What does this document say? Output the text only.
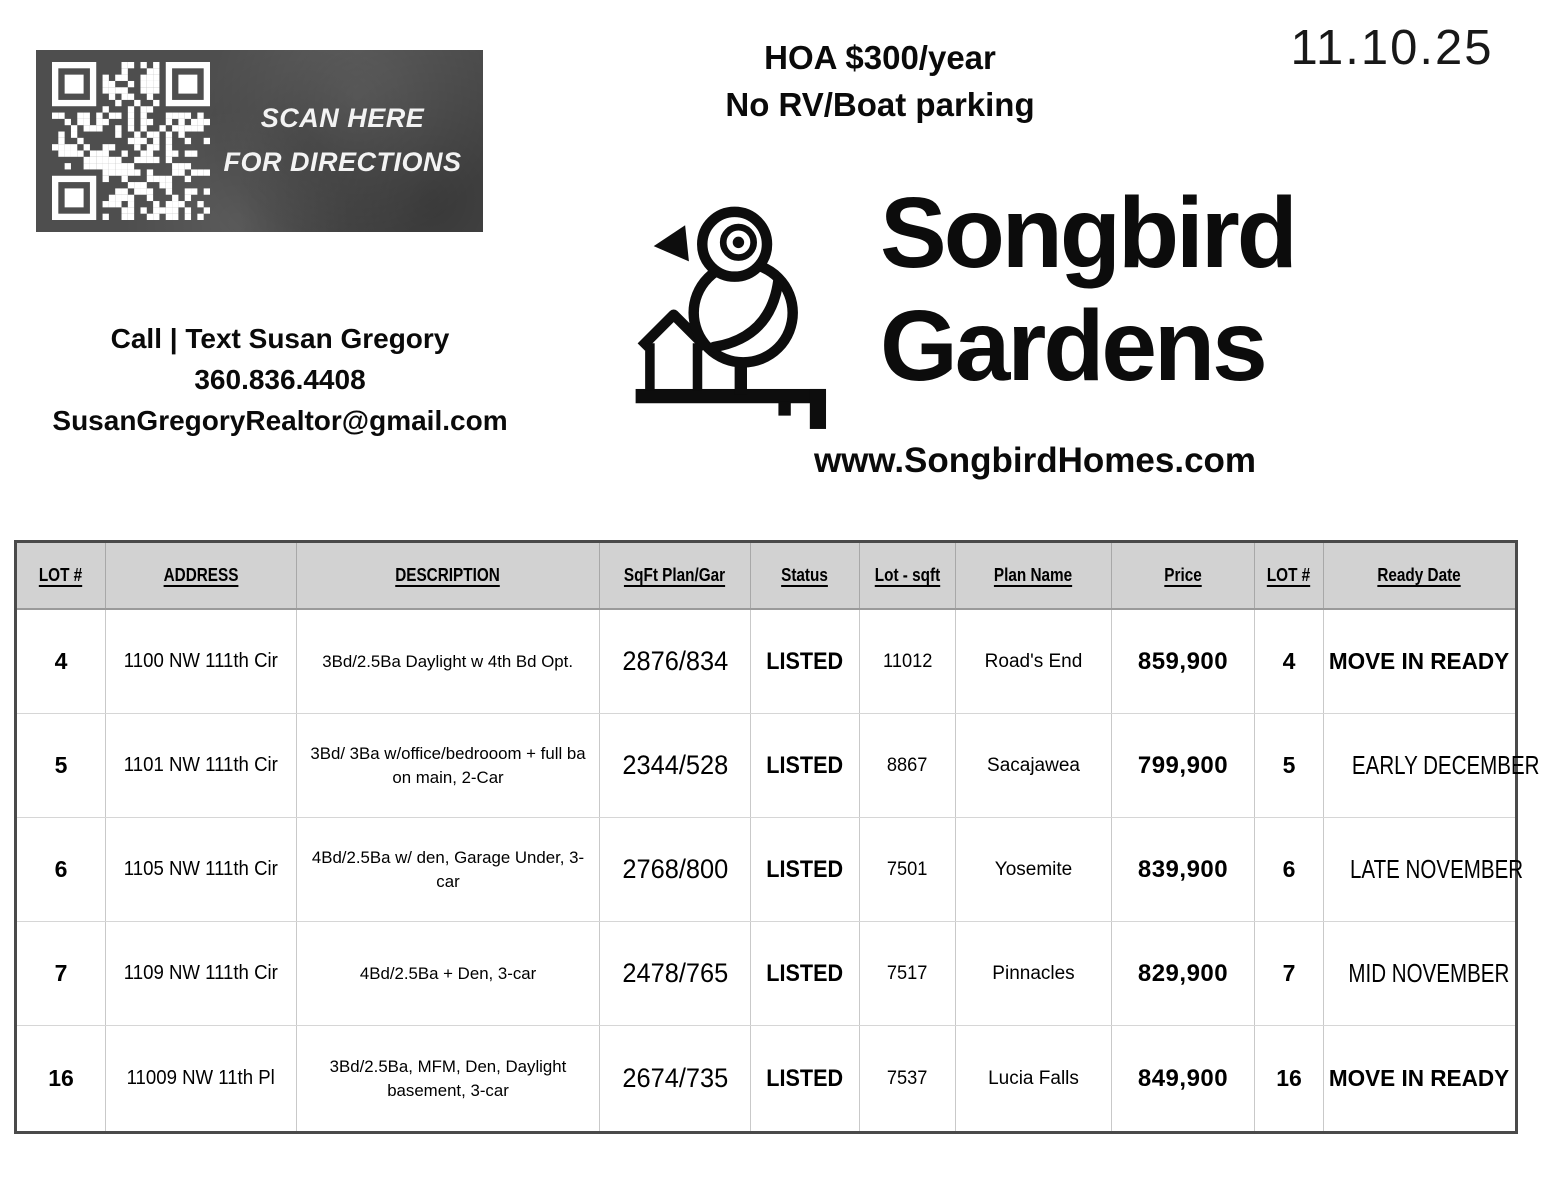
SCAN HERE
FOR DIRECTIONS
HOA $300/year
No RV/Boat parking
11.10.25
Call | Text Susan Gregory
360.836.4408
SusanGregoryRealtor@gmail.com
Songbird
Gardens
www.SongbirdHomes.com
LOT #	ADDRESS	DESCRIPTION	SqFt Plan/Gar	Status	Lot - sqft	Plan Name	Price	LOT #	Ready Date
4	1100 NW 111th Cir	3Bd/2.5Ba Daylight w 4th Bd Opt.	2876/834	LISTED	11012	Road's End	859,900	4	MOVE IN READY
5	1101 NW 111th Cir	3Bd/ 3Ba w/office/bedrooom + full ba on main, 2-Car	2344/528	LISTED	8867	Sacajawea	799,900	5	EARLY DECEMBER
6	1105 NW 111th Cir	4Bd/2.5Ba w/ den, Garage Under, 3-car	2768/800	LISTED	7501	Yosemite	839,900	6	LATE NOVEMBER
7	1109 NW 111th Cir	4Bd/2.5Ba + Den, 3-car	2478/765	LISTED	7517	Pinnacles	829,900	7	MID NOVEMBER
16	11009 NW 11th Pl	3Bd/2.5Ba, MFM, Den, Daylight basement, 3-car	2674/735	LISTED	7537	Lucia Falls	849,900	16	MOVE IN READY
